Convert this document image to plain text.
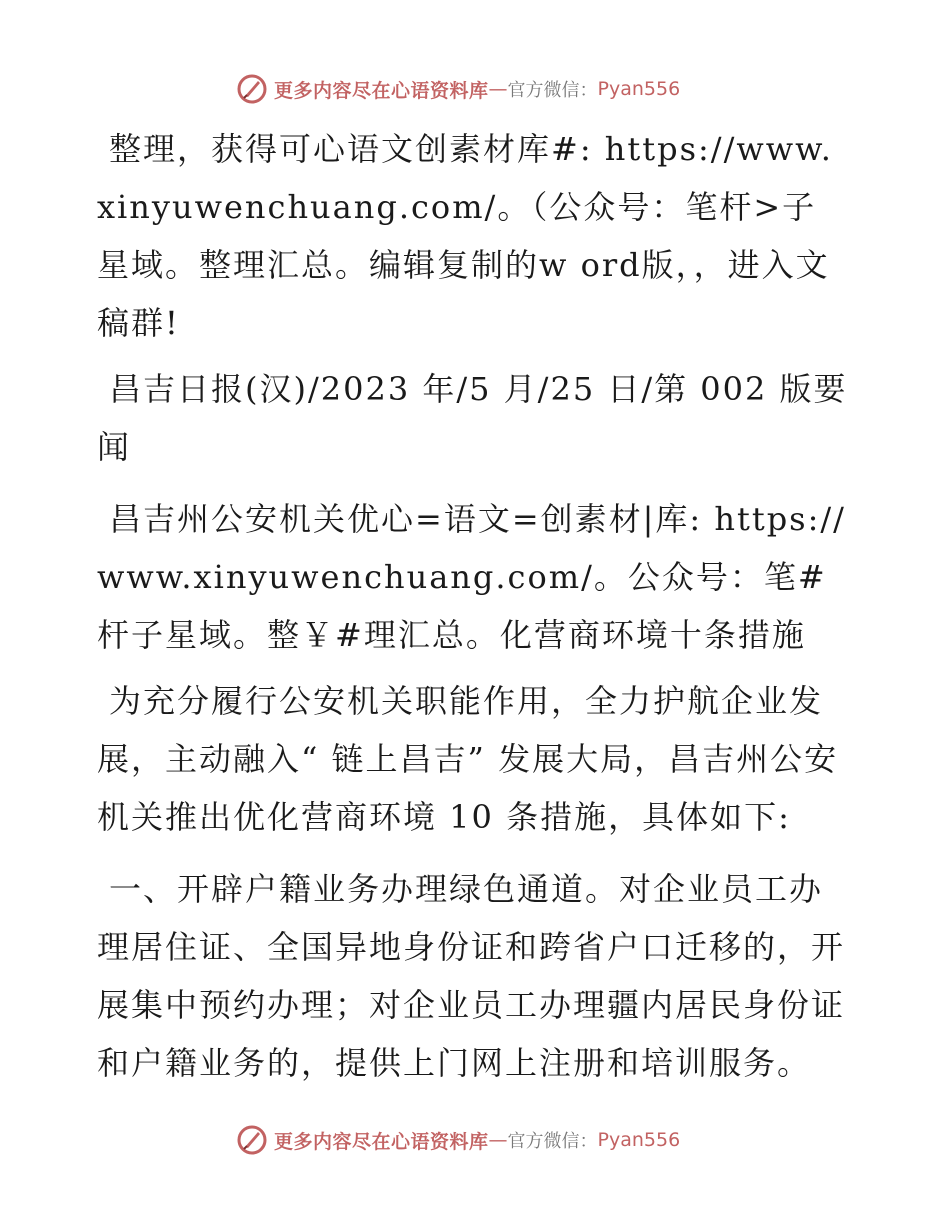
更多内容尽在心语资料库 — 官方微信： Pyan556

整理，获得可心语文创素材库#: https://www.xinyuwenchuang.com/。（公众号：笔杆>子星域。整理汇总。编辑复制的w ord版，，进入文稿群!

昌吉日报(汉)/2023 年/5 月/25 日/第 002 版要闻

昌吉州公安机关优心=语文=创素材|库: https://www.xinyuwenchuang.com/。公众号：笔#杆子星域。整￥#理汇总。化营商环境十条措施

为充分履行公安机关职能作用，全力护航企业发展，主动融入“ 链上昌吉” 发展大局，昌吉州公安机关推出优化营商环境 10 条措施，具体如下:

一、开辟户籍业务办理绿色通道。对企业员工办理居住证、全国异地身份证和跨省户口迁移的，开展集中预约办理；对企业员工办理疆内居民身份证和户籍业务的，提供上门网上注册和培训服务。

更多内容尽在心语资料库 — 官方微信： Pyan556
